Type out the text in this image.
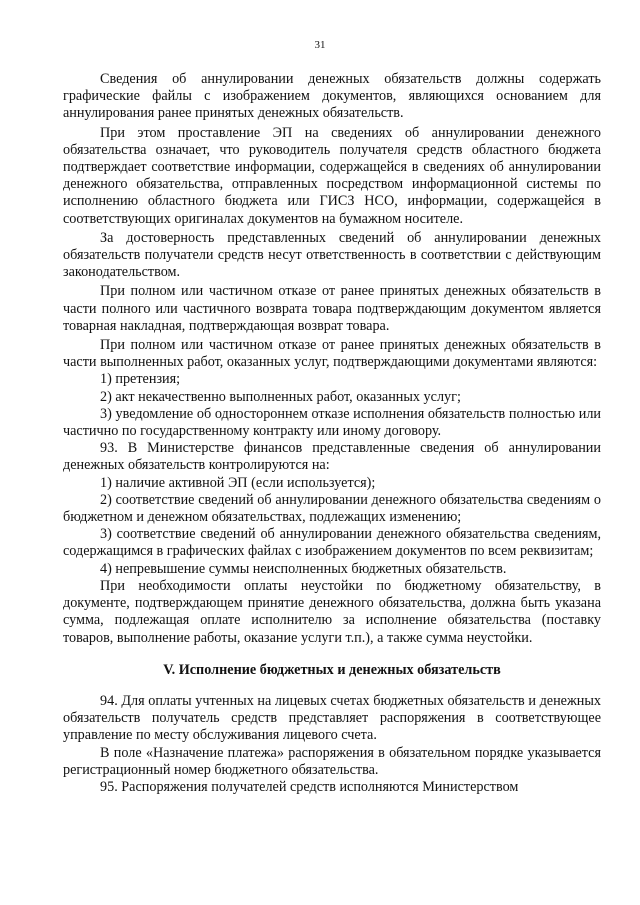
31

Сведения об аннулировании денежных обязательств должны содержать графические файлы с изображением документов, являющихся основанием для аннулирования ранее принятых денежных обязательств.

При этом проставление ЭП на сведениях об аннулировании денежного обязательства означает, что руководитель получателя средств областного бюджета подтверждает соответствие информации, содержащейся в сведениях об аннулировании денежного обязательства, отправленных посредством информационной системы по исполнению областного бюджета или ГИСЗ НСО, информации, содержащейся в соответствующих оригиналах документов на бумажном носителе.

За достоверность представленных сведений об аннулировании денежных обязательств получатели средств несут ответственность в соответствии с действующим законодательством.

При полном или частичном отказе от ранее принятых денежных обязательств в части полного или частичного возврата товара подтверждающим документом является товарная накладная, подтверждающая возврат товара.

При полном или частичном отказе от ранее принятых денежных обязательств в части выполненных работ, оказанных услуг, подтверждающими документами являются:

1) претензия;

2) акт некачественно выполненных работ, оказанных услуг;

3) уведомление об одностороннем отказе исполнения обязательств полностью или частично по государственному контракту или иному договору.

93. В Министерстве финансов представленные сведения об аннулировании денежных обязательств контролируются на:

1) наличие активной ЭП (если используется);

2) соответствие сведений об аннулировании денежного обязательства сведениям о бюджетном и денежном обязательствах, подлежащих изменению;

3) соответствие сведений об аннулировании денежного обязательства сведениям, содержащимся в графических файлах с изображением документов по всем реквизитам;

4) непревышение суммы неисполненных бюджетных обязательств.

При необходимости оплаты неустойки по бюджетному обязательству, в документе, подтверждающем принятие денежного обязательства, должна быть указана сумма, подлежащая оплате исполнителю за исполнение обязательства (поставку товаров, выполнение работы, оказание услуги т.п.), а также сумма неустойки.

V. Исполнение бюджетных и денежных обязательств

94. Для оплаты учтенных на лицевых счетах бюджетных обязательств и денежных обязательств получатель средств представляет распоряжения в соответствующее управление по месту обслуживания лицевого счета.

В поле «Назначение платежа» распоряжения в обязательном порядке указывается регистрационный номер бюджетного обязательства.

95. Распоряжения получателей средств исполняются Министерством
